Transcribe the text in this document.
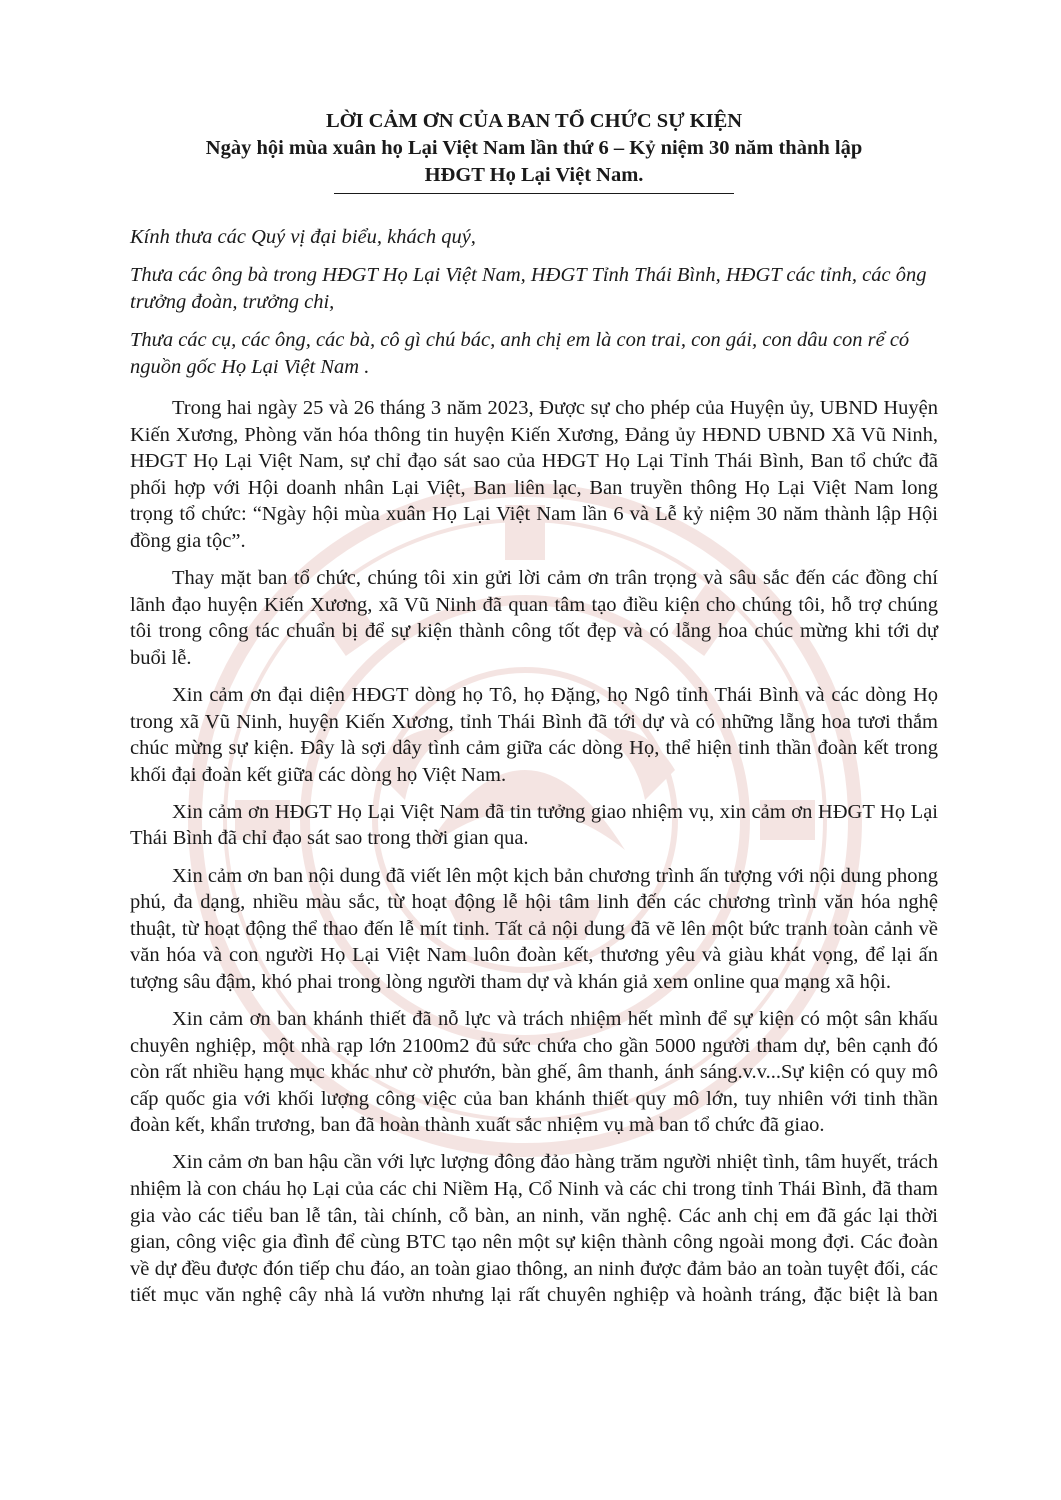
LỜI CẢM ƠN CỦA BAN TỔ CHỨC SỰ KIỆN
Ngày hội mùa xuân họ Lại Việt Nam lần thứ 6 – Kỷ niệm 30 năm thành lập
HĐGT Họ Lại Việt Nam.

Kính thưa các Quý vị đại biểu, khách quý,

Thưa các ông bà trong HĐGT Họ Lại Việt Nam, HĐGT Tỉnh Thái Bình, HĐGT các tỉnh, các ông trưởng đoàn, trưởng chi,

Thưa các cụ, các ông, các bà, cô gì chú bác, anh chị em là con trai, con gái, con dâu con rể có nguồn gốc Họ Lại Việt Nam .

Trong hai ngày 25 và 26 tháng 3 năm 2023, Được sự cho phép của Huyện ủy, UBND Huyện Kiến Xương, Phòng văn hóa thông tin huyện Kiến Xương, Đảng ủy HĐND UBND Xã Vũ Ninh, HĐGT Họ Lại Việt Nam, sự chỉ đạo sát sao của HĐGT Họ Lại Tỉnh Thái Bình, Ban tổ chức đã phối hợp với Hội doanh nhân Lại Việt, Ban liên lạc, Ban truyền thông Họ Lại Việt Nam long trọng tổ chức: “Ngày hội mùa xuân Họ Lại Việt Nam lần 6 và Lễ kỷ niệm 30 năm thành lập Hội đồng gia tộc”.

Thay mặt ban tổ chức, chúng tôi xin gửi lời cảm ơn trân trọng và sâu sắc đến các đồng chí lãnh đạo huyện Kiến Xương, xã Vũ Ninh đã quan tâm tạo điều kiện cho chúng tôi, hỗ trợ chúng tôi trong công tác chuẩn bị để sự kiện thành công tốt đẹp và có lẵng hoa chúc mừng khi tới dự buổi lễ.

Xin cảm ơn đại diện HĐGT dòng họ Tô, họ Đặng, họ Ngô tỉnh Thái Bình và các dòng Họ trong xã Vũ Ninh, huyện Kiến Xương, tỉnh Thái Bình đã tới dự và có những lẵng hoa tươi thắm chúc mừng sự kiện. Đây là sợi dây tình cảm giữa các dòng Họ, thể hiện tinh thần đoàn kết trong khối đại đoàn kết giữa các dòng họ Việt Nam.

Xin cảm ơn HĐGT Họ Lại Việt Nam đã tin tưởng giao nhiệm vụ, xin cảm ơn HĐGT Họ Lại Thái Bình đã chỉ đạo sát sao trong thời gian qua.

Xin cảm ơn ban nội dung đã viết lên một kịch bản chương trình ấn tượng với nội dung phong phú, đa dạng, nhiều màu sắc, từ hoạt động lễ hội tâm linh đến các chương trình văn hóa nghệ thuật, từ hoạt động thể thao đến lễ mít tinh. Tất cả nội dung đã vẽ lên một bức tranh toàn cảnh về văn hóa và con người Họ Lại Việt Nam luôn đoàn kết, thương yêu và giàu khát vọng, để lại ấn tượng sâu đậm, khó phai trong lòng người tham dự và khán giả xem online qua mạng xã hội.

Xin cảm ơn ban khánh thiết đã nỗ lực và trách nhiệm hết mình để sự kiện có một sân khấu chuyên nghiệp, một nhà rạp lớn 2100m2 đủ sức chứa cho gần 5000 người tham dự, bên cạnh đó còn rất nhiều hạng mục khác như cờ phướn, bàn ghế, âm thanh, ánh sáng.v.v...Sự kiện có quy mô cấp quốc gia với khối lượng công việc của ban khánh thiết quy mô lớn, tuy nhiên với tinh thần đoàn kết, khẩn trương, ban đã hoàn thành xuất sắc nhiệm vụ mà ban tổ chức đã giao.

Xin cảm ơn ban hậu cần với lực lượng đông đảo hàng trăm người nhiệt tình, tâm huyết, trách nhiệm là con cháu họ Lại của các chi Niềm Hạ, Cổ Ninh và các chi trong tỉnh Thái Bình, đã tham gia vào các tiểu ban lễ tân, tài chính, cỗ bàn, an ninh, văn nghệ. Các anh chị em đã gác lại thời gian, công việc gia đình để cùng BTC tạo nên một sự kiện thành công ngoài mong đợi. Các đoàn về dự đều được đón tiếp chu đáo, an toàn giao thông, an ninh được đảm bảo an toàn tuyệt đối, các tiết mục văn nghệ cây nhà lá vườn nhưng lại rất chuyên nghiệp và hoành tráng, đặc biệt là ban
